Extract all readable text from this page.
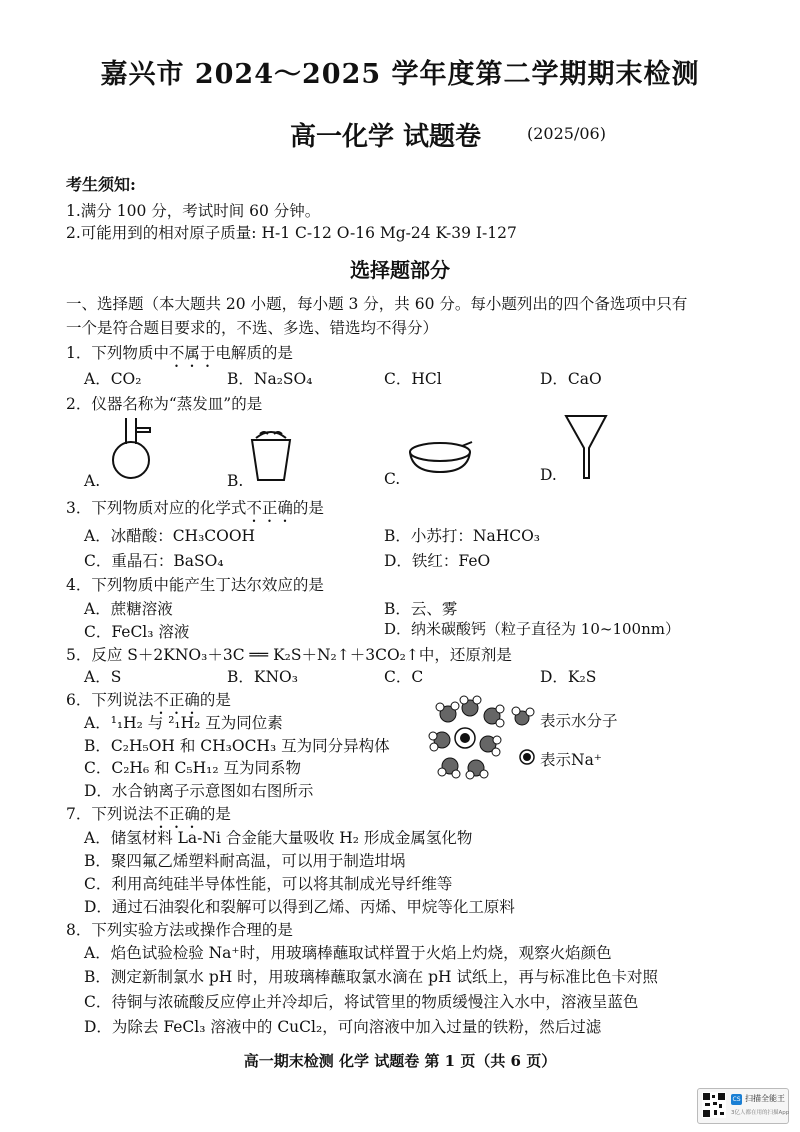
嘉兴市 2024～2025 学年度第二学期期末检测
高一化学 试题卷	(2025/06)
考生须知:
1.满分 100 分，考试时间 60 分钟。
2.可能用到的相对原子质量: H-1 C-12 O-16 Mg-24 K-39 I-127
选择题部分
一、选择题（本大题共 20 小题，每小题 3 分，共 60 分。每小题列出的四个备选项中只有
一个是符合题目要求的，不选、多选、错选均不得分）
1．下列物质中不属于电解质的是
A．CO₂	B．Na₂SO₄	C．HCl	D．CaO
2．仪器名称为“蒸发皿”的是
A.	B.	C.	D.
3．下列物质对应的化学式不正确的是
A．冰醋酸：CH₃COOH	B．小苏打：NaHCO₃
C．重晶石：BaSO₄	D．铁红：FeO
4．下列物质中能产生丁达尔效应的是
A．蔗糖溶液	B．云、雾
C．FeCl₃ 溶液	D．纳米碳酸钙（粒子直径为 10~100nm）
5．反应 S＋2KNO₃＋3C ══ K₂S＋N₂↑＋3CO₂↑中，还原剂是
A．S	B．KNO₃	C．C	D．K₂S
6．下列说法不正确的是
A．¹₁H₂ 与 ²₁H₂ 互为同位素
B．C₂H₅OH 和 CH₃OCH₃ 互为同分异构体
C．C₂H₆ 和 C₅H₁₂ 互为同系物
D．水合钠离子示意图如右图所示
表示水分子
表示Na⁺
7．下列说法不正确的是
A．储氢材料 La-Ni 合金能大量吸收 H₂ 形成金属氢化物
B．聚四氟乙烯塑料耐高温，可以用于制造坩埚
C．利用高纯硅半导体性能，可以将其制成光导纤维等
D．通过石油裂化和裂解可以得到乙烯、丙烯、甲烷等化工原料
8．下列实验方法或操作合理的是
A．焰色试验检验 Na⁺时，用玻璃棒蘸取试样置于火焰上灼烧，观察火焰颜色
B．测定新制氯水 pH 时，用玻璃棒蘸取氯水滴在 pH 试纸上，再与标准比色卡对照
C．待铜与浓硫酸反应停止并冷却后，将试管里的物质缓慢注入水中，溶液呈蓝色
D．为除去 FeCl₃ 溶液中的 CuCl₂，可向溶液中加入过量的铁粉，然后过滤
高一期末检测 化学 试题卷 第 1 页（共 6 页）
CS 扫描全能王
3亿人都在用的扫描App
